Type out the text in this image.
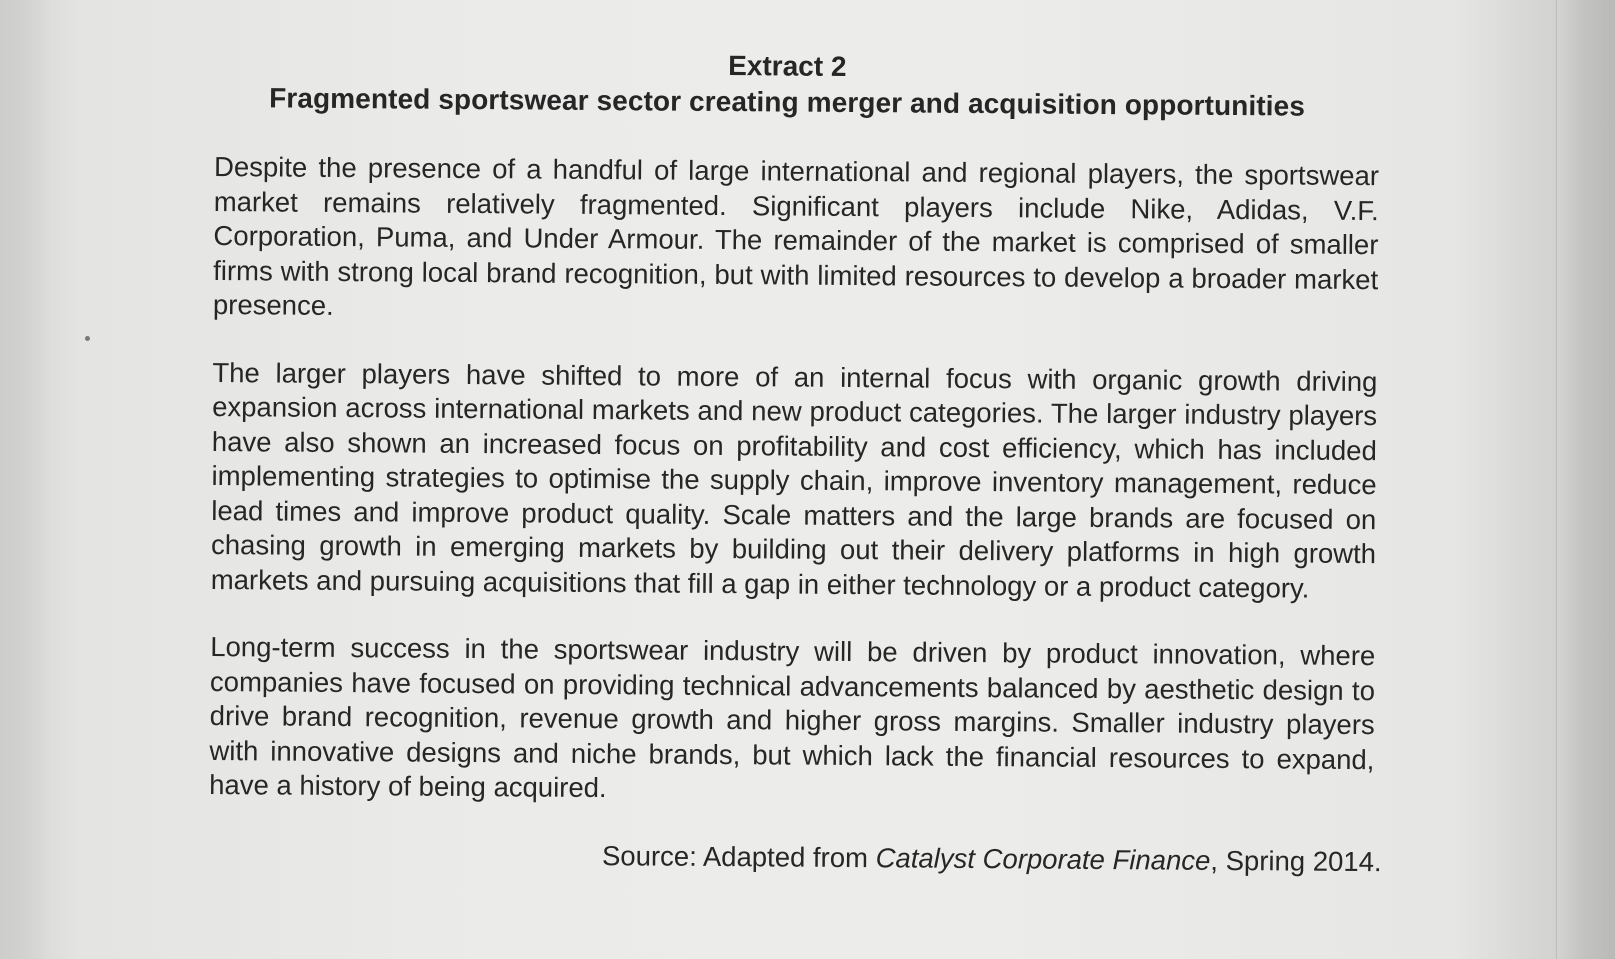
Extract 2
Fragmented sportswear sector creating merger and acquisition opportunities

Despite the presence of a handful of large international and regional players, the sportswear market remains relatively fragmented. Significant players include Nike, Adidas, V.F. Corporation, Puma, and Under Armour. The remainder of the market is comprised of smaller firms with strong local brand recognition, but with limited resources to develop a broader market presence.

The larger players have shifted to more of an internal focus with organic growth driving expansion across international markets and new product categories. The larger industry players have also shown an increased focus on profitability and cost efficiency, which has included implementing strategies to optimise the supply chain, improve inventory management, reduce lead times and improve product quality. Scale matters and the large brands are focused on chasing growth in emerging markets by building out their delivery platforms in high growth markets and pursuing acquisitions that fill a gap in either technology or a product category.

Long-term success in the sportswear industry will be driven by product innovation, where companies have focused on providing technical advancements balanced by aesthetic design to drive brand recognition, revenue growth and higher gross margins. Smaller industry players with innovative designs and niche brands, but which lack the financial resources to expand, have a history of being acquired.

Source: Adapted from Catalyst Corporate Finance, Spring 2014.
